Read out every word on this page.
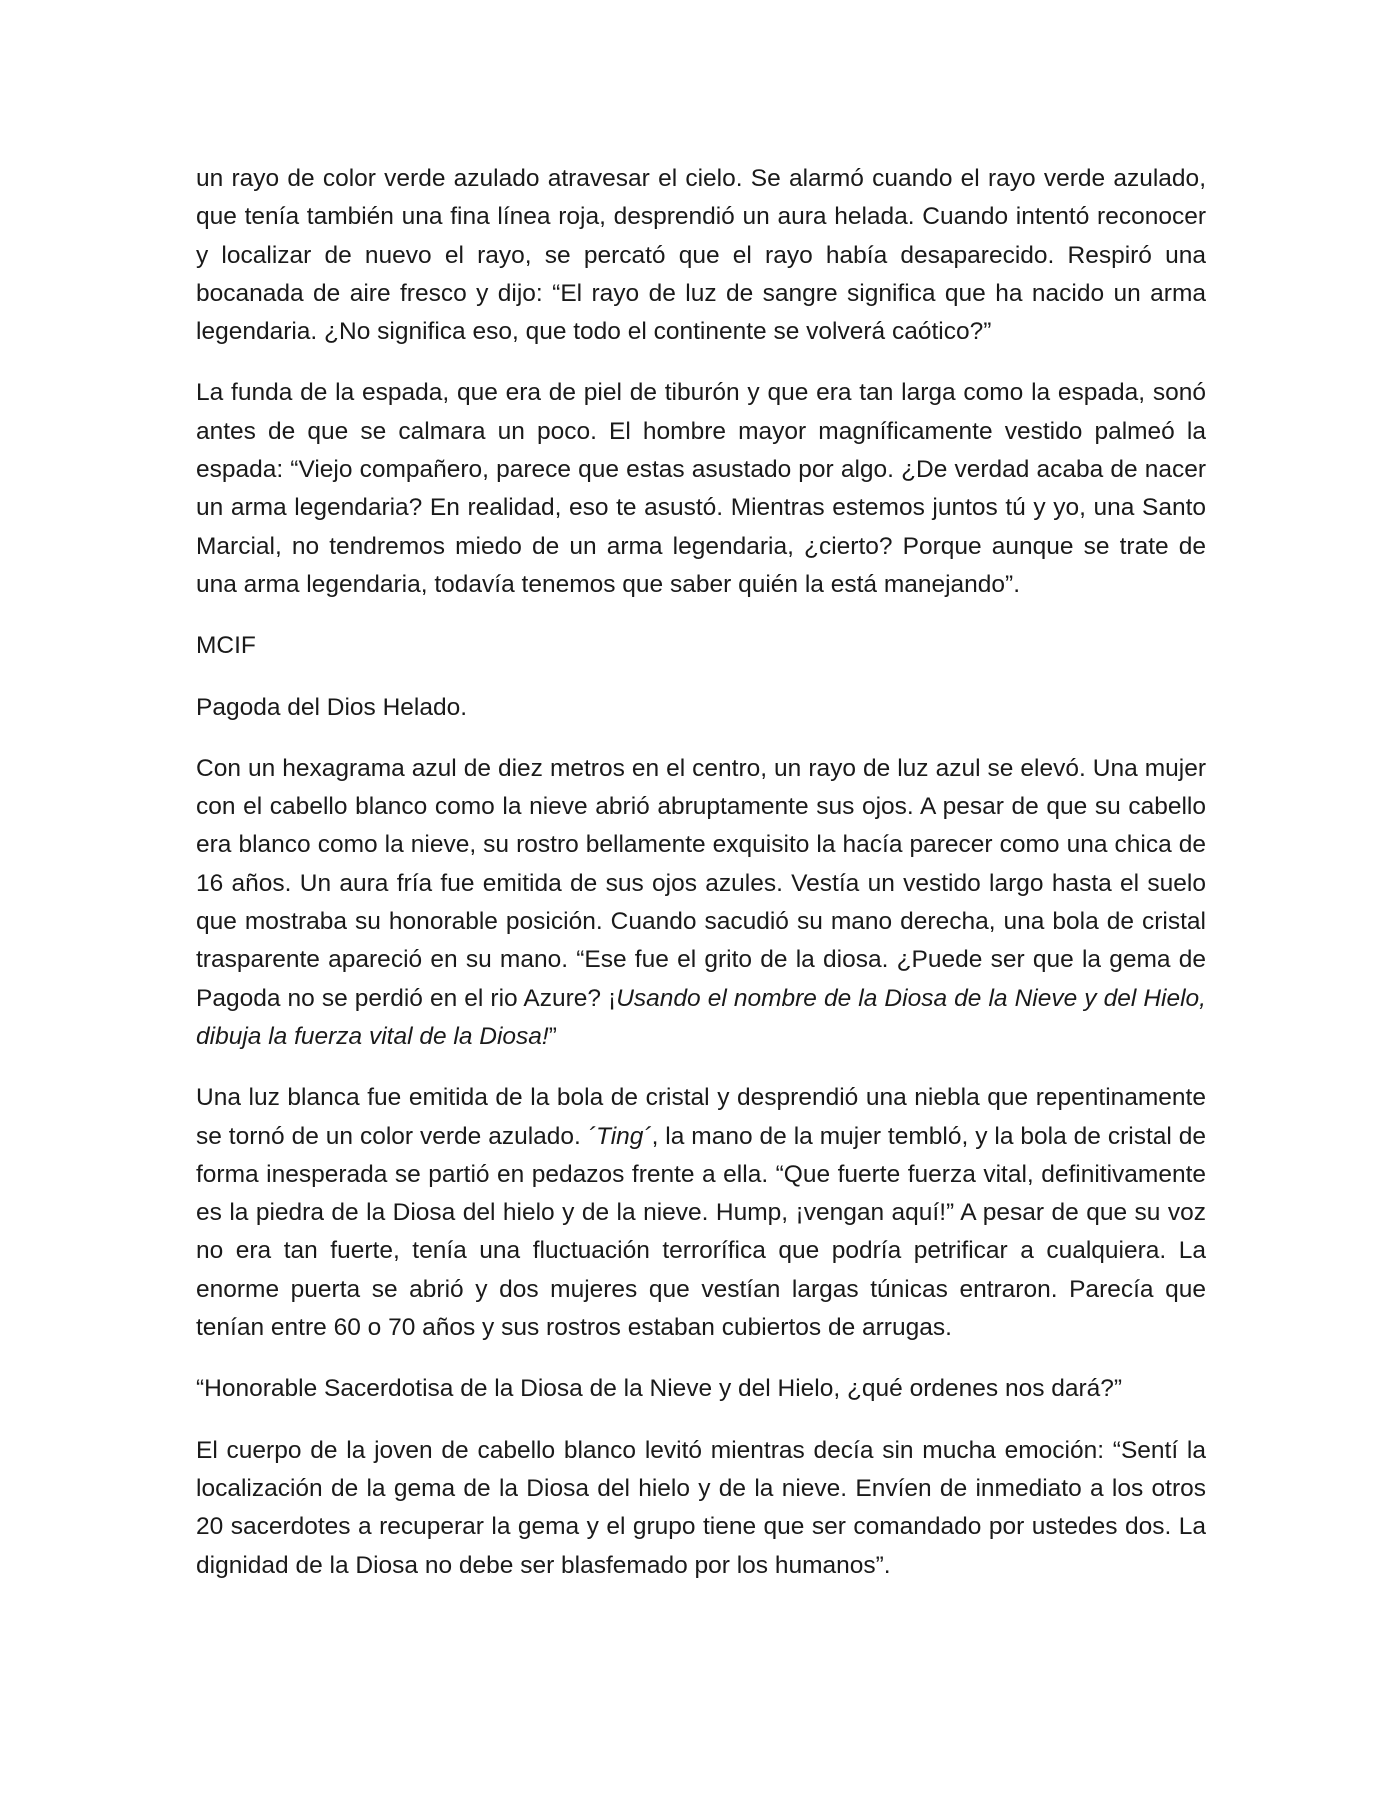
un rayo de color verde azulado atravesar el cielo. Se alarmó cuando el rayo verde azulado, que tenía también una fina línea roja, desprendió un aura helada. Cuando intentó reconocer y localizar de nuevo el rayo, se percató que el rayo había desaparecido. Respiró una bocanada de aire fresco y dijo: “El rayo de luz de sangre significa que ha nacido un arma legendaria. ¿No significa eso, que todo el continente se volverá caótico?”

La funda de la espada, que era de piel de tiburón y que era tan larga como la espada, sonó antes de que se calmara un poco. El hombre mayor magníficamente vestido palmeó la espada: “Viejo compañero, parece que estas asustado por algo. ¿De verdad acaba de nacer un arma legendaria? En realidad, eso te asustó. Mientras estemos juntos tú y yo, una Santo Marcial, no tendremos miedo de un arma legendaria, ¿cierto? Porque aunque se trate de una arma legendaria, todavía tenemos que saber quién la está manejando”.

MCIF

Pagoda del Dios Helado.

Con un hexagrama azul de diez metros en el centro, un rayo de luz azul se elevó. Una mujer con el cabello blanco como la nieve abrió abruptamente sus ojos. A pesar de que su cabello era blanco como la nieve, su rostro bellamente exquisito la hacía parecer como una chica de 16 años. Un aura fría fue emitida de sus ojos azules. Vestía un vestido largo hasta el suelo que mostraba su honorable posición. Cuando sacudió su mano derecha, una bola de cristal trasparente apareció en su mano. “Ese fue el grito de la diosa. ¿Puede ser que la gema de Pagoda no se perdió en el rio Azure? ¡Usando el nombre de la Diosa de la Nieve y del Hielo, dibuja la fuerza vital de la Diosa!”

Una luz blanca fue emitida de la bola de cristal y desprendió una niebla que repentinamente se tornó de un color verde azulado. ´Ting´, la mano de la mujer tembló, y la bola de cristal de forma inesperada se partió en pedazos frente a ella. “Que fuerte fuerza vital, definitivamente es la piedra de la Diosa del hielo y de la nieve. Hump, ¡vengan aquí!” A pesar de que su voz no era tan fuerte, tenía una fluctuación terrorífica que podría petrificar a cualquiera. La enorme puerta se abrió y dos mujeres que vestían largas túnicas entraron. Parecía que tenían entre 60 o 70 años y sus rostros estaban cubiertos de arrugas.

“Honorable Sacerdotisa de la Diosa de la Nieve y del Hielo, ¿qué ordenes nos dará?”

El cuerpo de la joven de cabello blanco levitó mientras decía sin mucha emoción: “Sentí la localización de la gema de la Diosa del hielo y de la nieve. Envíen de inmediato a los otros 20 sacerdotes a recuperar la gema y el grupo tiene que ser comandado por ustedes dos. La dignidad de la Diosa no debe ser blasfemado por los humanos”.
